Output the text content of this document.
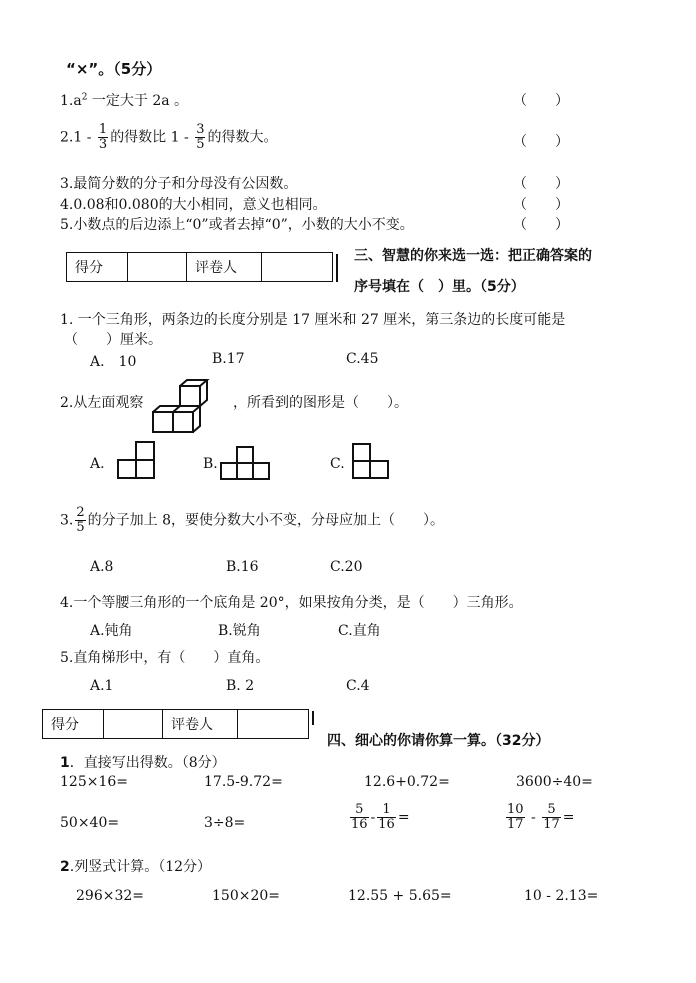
“×”。（5分）
$1.a^2$ 一定大于 2a 。	（　　）
$2.1 - \frac{1}{3}$ 的得数比 $1 - \frac{3}{5}$ 的得数大。	（　　）
3.最简分数的分子和分母没有公因数。	（　　）
4.0.08和0.080的大小相同，意义也相同。	（　　）
5.小数点的后边添上“0”或者去掉“0”，小数的大小不变。	（　　）
得分		评卷人	
三、智慧的你来选一选：把正确答案的
序号填在（　）里。（5分）
1. 一个三角形，两条边的长度分别是 17 厘米和 27 厘米，第三条边的长度可能是
（　　）厘米。
A.　10	B.17	C.45
2.从左面观察	，所看到的图形是（　　）。
A.	B.	C.
3. $\frac{2}{5}$ 的分子加上 8，要使分数大小不变，分母应加上（　　）。
A.8	B.16	C.20
4.一个等腰三角形的一个底角是 20°，如果按角分类，是（　　）三角形。
A.钝角	B.锐角	C.直角
5.直角梯形中，有（　　）直角。
A.1	B. 2	C.4
得分		评卷人	
四、细心的你请你算一算。（32分）
1．直接写出得数。（8分）
125×16=	17.5-9.72=	12.6+0.72=	3600÷40=
50×40=	3÷8=	$\frac{5}{16} - \frac{1}{16}$ =	$\frac{10}{17} - \frac{5}{17}$ =
2.列竖式计算。（12分）
296×32=	150×20=	12.55 + 5.65=	10 - 2.13=
